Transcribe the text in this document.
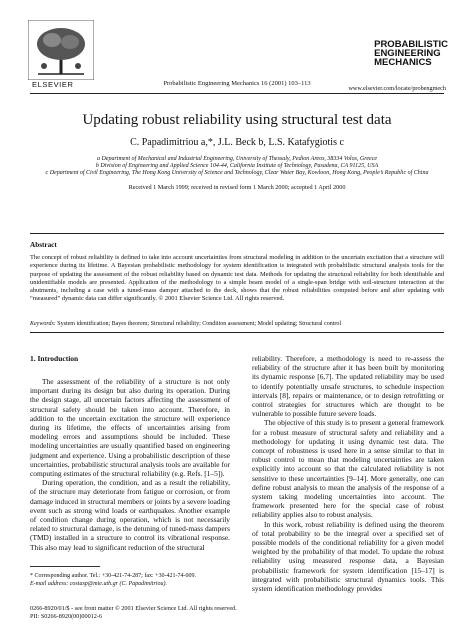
ELSEVIER	Probabilistic Engineering Mechanics 16 (2001) 103–113
PROBABILISTIC
ENGINEERING
MECHANICS
www.elsevier.com/locate/probengmech
Updating robust reliability using structural test data
C. Papadimitriou a,*, J.L. Beck b, L.S. Katafygiotis c
a Department of Mechanical and Industrial Engineering, University of Thessaly, Pedion Areos, 38334 Volos, Greece
b Division of Engineering and Applied Science 104-44, California Institute of Technology, Pasadena, CA 91125, USA
c Department of Civil Engineering, The Hong Kong University of Science and Technology, Clear Water Bay, Kowloon, Hong Kong, People’s Republic of China
Received 1 March 1999; received in revised form 1 March 2000; accepted 1 April 2000
Abstract
The concept of robust reliability is defined to take into account uncertainties from structural modeling in addition to the uncertain excitation that a structure will experience during its lifetime. A Bayesian probabilistic methodology for system identification is integrated with probabilistic structural analysis tools for the purpose of updating the assessment of the robust reliability based on dynamic test data. Methods for updating the structural reliability for both identifiable and unidentifiable models are presented. Application of the methodology to a simple beam model of a single-span bridge with soil-structure interaction at the abutments, including a case with a tuned-mass damper attached to the deck, shows that the robust reliabilities computed before and after updating with “measured” dynamic data can differ significantly. © 2001 Elsevier Science Ltd. All rights reserved.
Keywords: System identification; Bayes theorem; Structural reliability; Condition assessment; Model updating; Structural control
1. Introduction

The assessment of the reliability of a structure is not only important during its design but also during its operation. During the design stage, all uncertain factors affecting the assessment of structural safety should be taken into account. Therefore, in addition to the uncertain excitation the structure will experience during its lifetime, the effects of uncertainties arising from modeling errors and assumptions should be included. These modeling uncertainties are usually quantified based on engineering judgment and experience. Using a probabilistic description of these uncertainties, probabilistic structural analysis tools are available for computing estimates of the structural reliability (e.g. Refs. [1–5]).

During operation, the condition, and as a result the reliability, of the structure may deteriorate from fatigue or corrosion, or from damage induced in structural members or joints by a severe loading event such as strong wind loads or earthquakes. Another example of condition change during operation, which is not necessarily related to structural damage, is the detuning of tuned-mass dampers (TMD) installed in a structure to control its vibrational response. This also may lead to significant reduction of the structural

reliability. Therefore, a methodology is need to re-assess the reliability of the structure after it has been built by monitoring its dynamic response [6,7]. The updated reliability may be used to identify potentially unsafe structures, to schedule inspection intervals [8], repairs or maintenance, or to design retrofitting or control strategies for structures which are thought to be vulnerable to possible future severe loads.

The objective of this study is to present a general framework for a robust measure of structural safety and reliability and a methodology for updating it using dynamic test data. The concept of robustness is used here in a sense similar to that in robust control to mean that modeling uncertainties are taken explicitly into account so that the calculated reliability is not sensitive to these uncertainties [9–14]. More generally, one can define robust analysis to mean the analysis of the response of a system taking modeling uncertainties into account. The framework presented here for the special case of robust reliability applies also to robust analysis.

In this work, robust reliability is defined using the theorem of total probability to be the integral over a specified set of possible models of the conditional reliability for a given model weighted by the probability of that model. To update the robust reliability using measured response data, a Bayesian probabilistic framework for system identification [15–17] is integrated with probabilistic structural dynamics tools. This system identification methodology provides

* Corresponding author. Tel.: +30-421-74-287; fax: +30-421-74-009.
E-mail address: costasp@mie.uth.gr (C. Papadimitriou).
0266-8920/01/$ - see front matter © 2001 Elsevier Science Ltd. All rights reserved.
PII: S0266-8920(00)00012-6
